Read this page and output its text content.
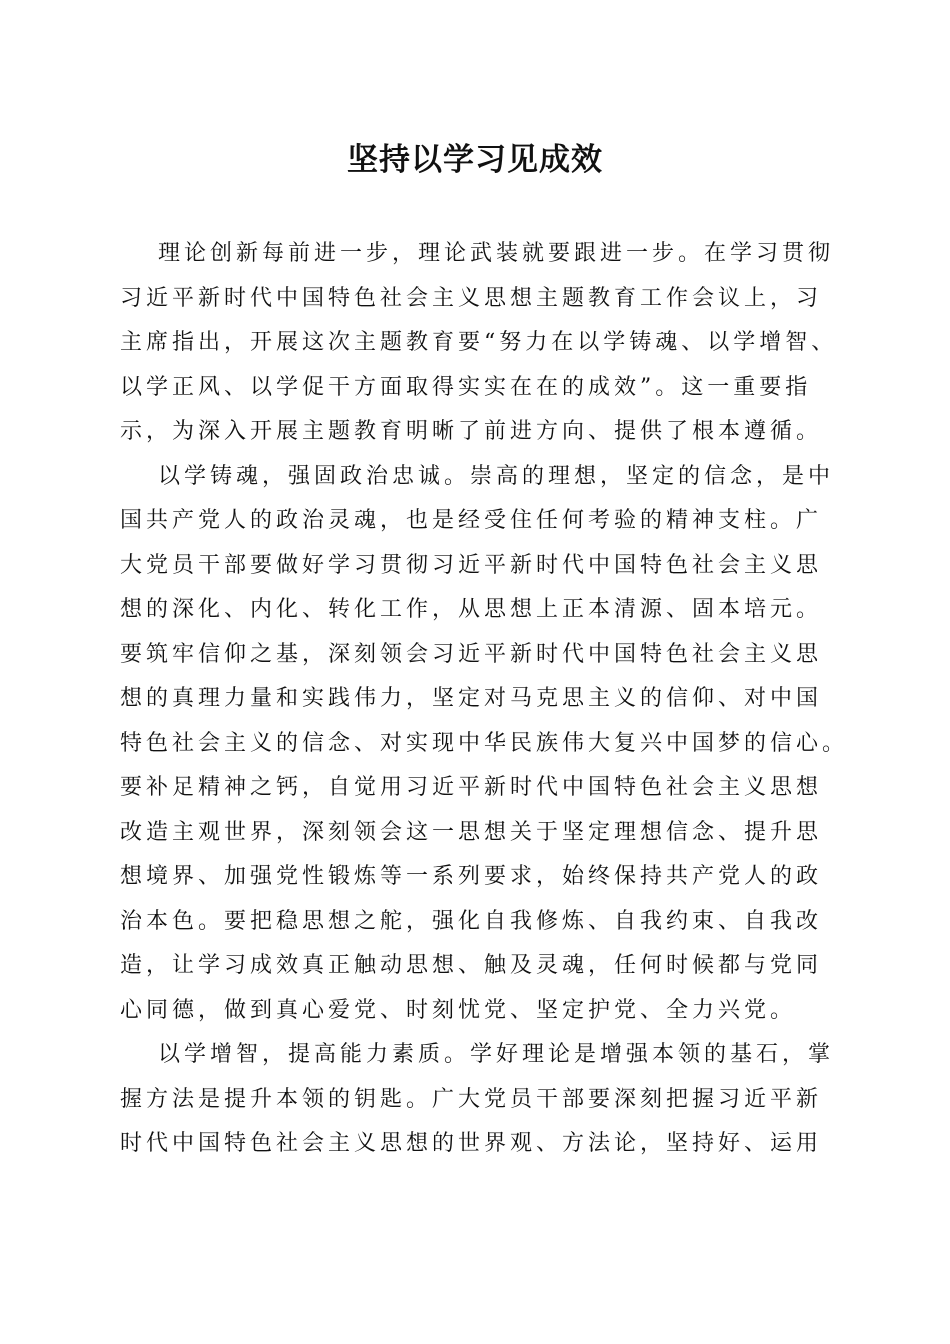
坚持以学习见成效
理论创新每前进一步，理论武装就要跟进一步。在学习贯彻
习近平新时代中国特色社会主义思想主题教育工作会议上，习
主席指出，开展这次主题教育要“努力在以学铸魂、以学增智、
以学正风、以学促干方面取得实实在在的成效”。这一重要指
示，为深入开展主题教育明晰了前进方向、提供了根本遵循。
以学铸魂，强固政治忠诚。崇高的理想，坚定的信念，是中
国共产党人的政治灵魂，也是经受住任何考验的精神支柱。广
大党员干部要做好学习贯彻习近平新时代中国特色社会主义思
想的深化、内化、转化工作，从思想上正本清源、固本培元。
要筑牢信仰之基，深刻领会习近平新时代中国特色社会主义思
想的真理力量和实践伟力，坚定对马克思主义的信仰、对中国
特色社会主义的信念、对实现中华民族伟大复兴中国梦的信心。
要补足精神之钙，自觉用习近平新时代中国特色社会主义思想
改造主观世界，深刻领会这一思想关于坚定理想信念、提升思
想境界、加强党性锻炼等一系列要求，始终保持共产党人的政
治本色。要把稳思想之舵，强化自我修炼、自我约束、自我改
造，让学习成效真正触动思想、触及灵魂，任何时候都与党同
心同德，做到真心爱党、时刻忧党、坚定护党、全力兴党。
以学增智，提高能力素质。学好理论是增强本领的基石，掌
握方法是提升本领的钥匙。广大党员干部要深刻把握习近平新
时代中国特色社会主义思想的世界观、方法论，坚持好、运用
